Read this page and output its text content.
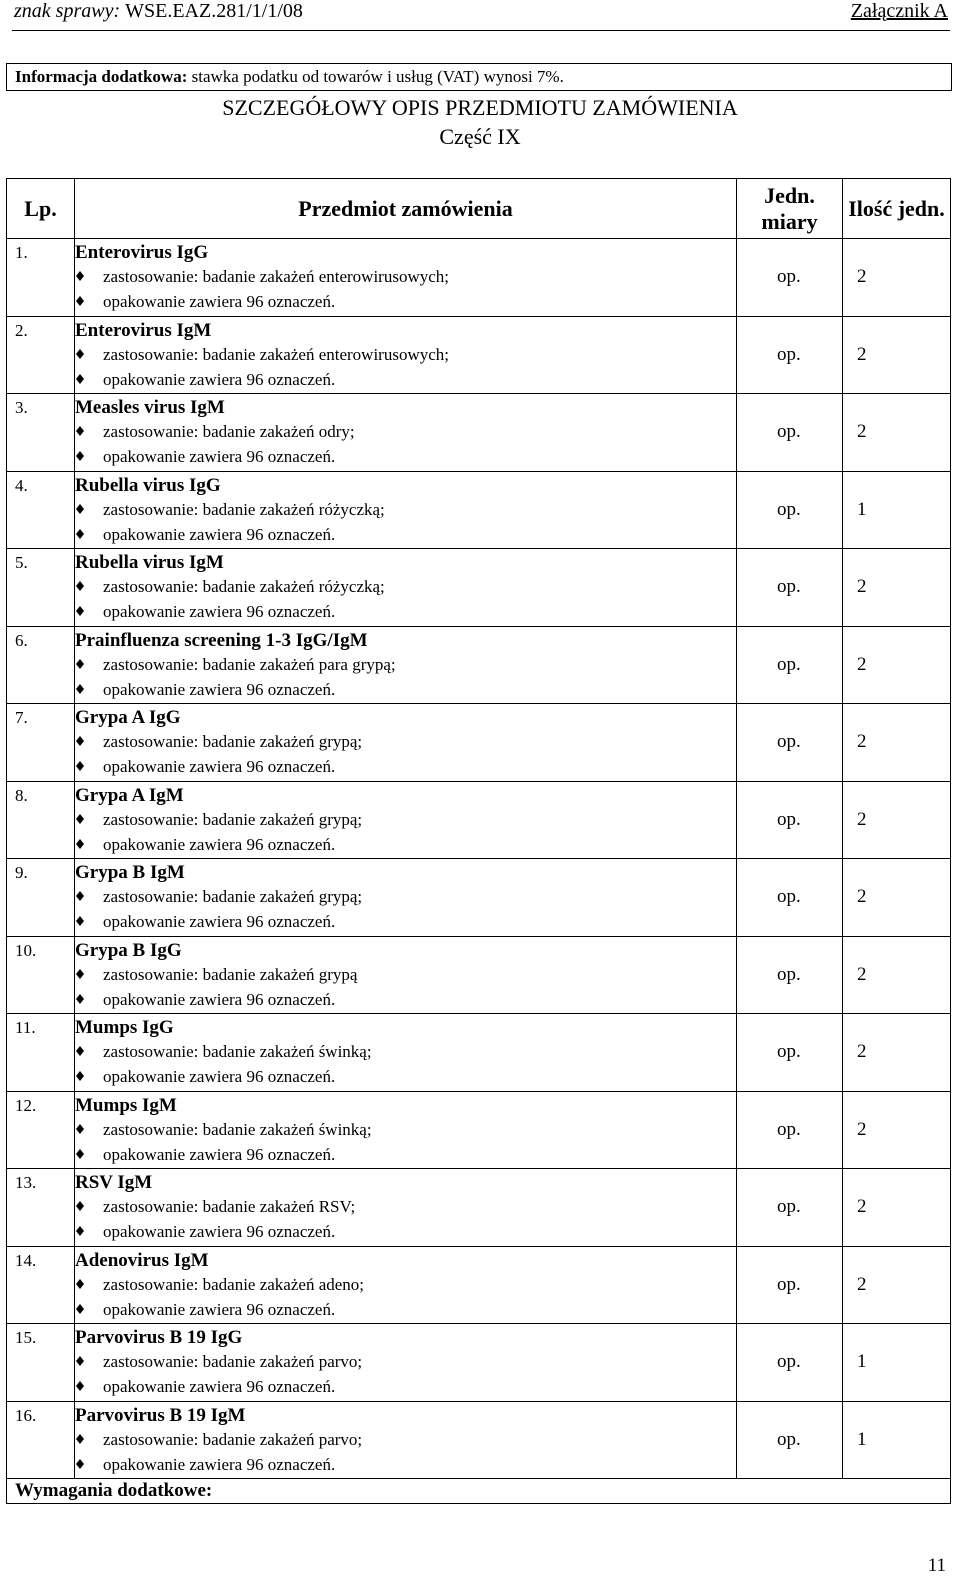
znak sprawy: WSE.EAZ.281/1/1/08	Załącznik A
Informacja dodatkowa: stawka podatku od towarów i usług (VAT) wynosi 7%.
SZCZEGÓŁOWY OPIS PRZEDMIOTU ZAMÓWIENIA
Część IX
Lp.	Przedmiot zamówienia	Jedn. miary	Ilość jedn.
1.	Enterovirus IgG
zastosowanie: badanie zakażeń enterowirusowych;
opakowanie zawiera 96 oznaczeń.	op.	2
2.	Enterovirus IgM
zastosowanie: badanie zakażeń enterowirusowych;
opakowanie zawiera 96 oznaczeń.	op.	2
3.	Measles virus IgM
zastosowanie: badanie zakażeń odry;
opakowanie zawiera 96 oznaczeń.	op.	2
4.	Rubella virus IgG
zastosowanie: badanie zakażeń różyczką;
opakowanie zawiera 96 oznaczeń.	op.	1
5.	Rubella virus IgM
zastosowanie: badanie zakażeń różyczką;
opakowanie zawiera 96 oznaczeń.	op.	2
6.	Prainfluenza screening 1-3 IgG/IgM
zastosowanie: badanie zakażeń para grypą;
opakowanie zawiera 96 oznaczeń.	op.	2
7.	Grypa A IgG
zastosowanie: badanie zakażeń grypą;
opakowanie zawiera 96 oznaczeń.	op.	2
8.	Grypa A IgM
zastosowanie: badanie zakażeń grypą;
opakowanie zawiera 96 oznaczeń.	op.	2
9.	Grypa B IgM
zastosowanie: badanie zakażeń grypą;
opakowanie zawiera 96 oznaczeń.	op.	2
10.	Grypa B IgG
zastosowanie: badanie zakażeń grypą
opakowanie zawiera 96 oznaczeń.	op.	2
11.	Mumps IgG
zastosowanie: badanie zakażeń świnką;
opakowanie zawiera 96 oznaczeń.	op.	2
12.	Mumps IgM
zastosowanie: badanie zakażeń świnką;
opakowanie zawiera 96 oznaczeń.	op.	2
13.	RSV IgM
zastosowanie: badanie zakażeń RSV;
opakowanie zawiera 96 oznaczeń.	op.	2
14.	Adenovirus IgM
zastosowanie: badanie zakażeń adeno;
opakowanie zawiera 96 oznaczeń.	op.	2
15.	Parvovirus B 19 IgG
zastosowanie: badanie zakażeń parvo;
opakowanie zawiera 96 oznaczeń.	op.	1
16.	Parvovirus B 19 IgM
zastosowanie: badanie zakażeń parvo;
opakowanie zawiera 96 oznaczeń.	op.	1
Wymagania dodatkowe:			
11
